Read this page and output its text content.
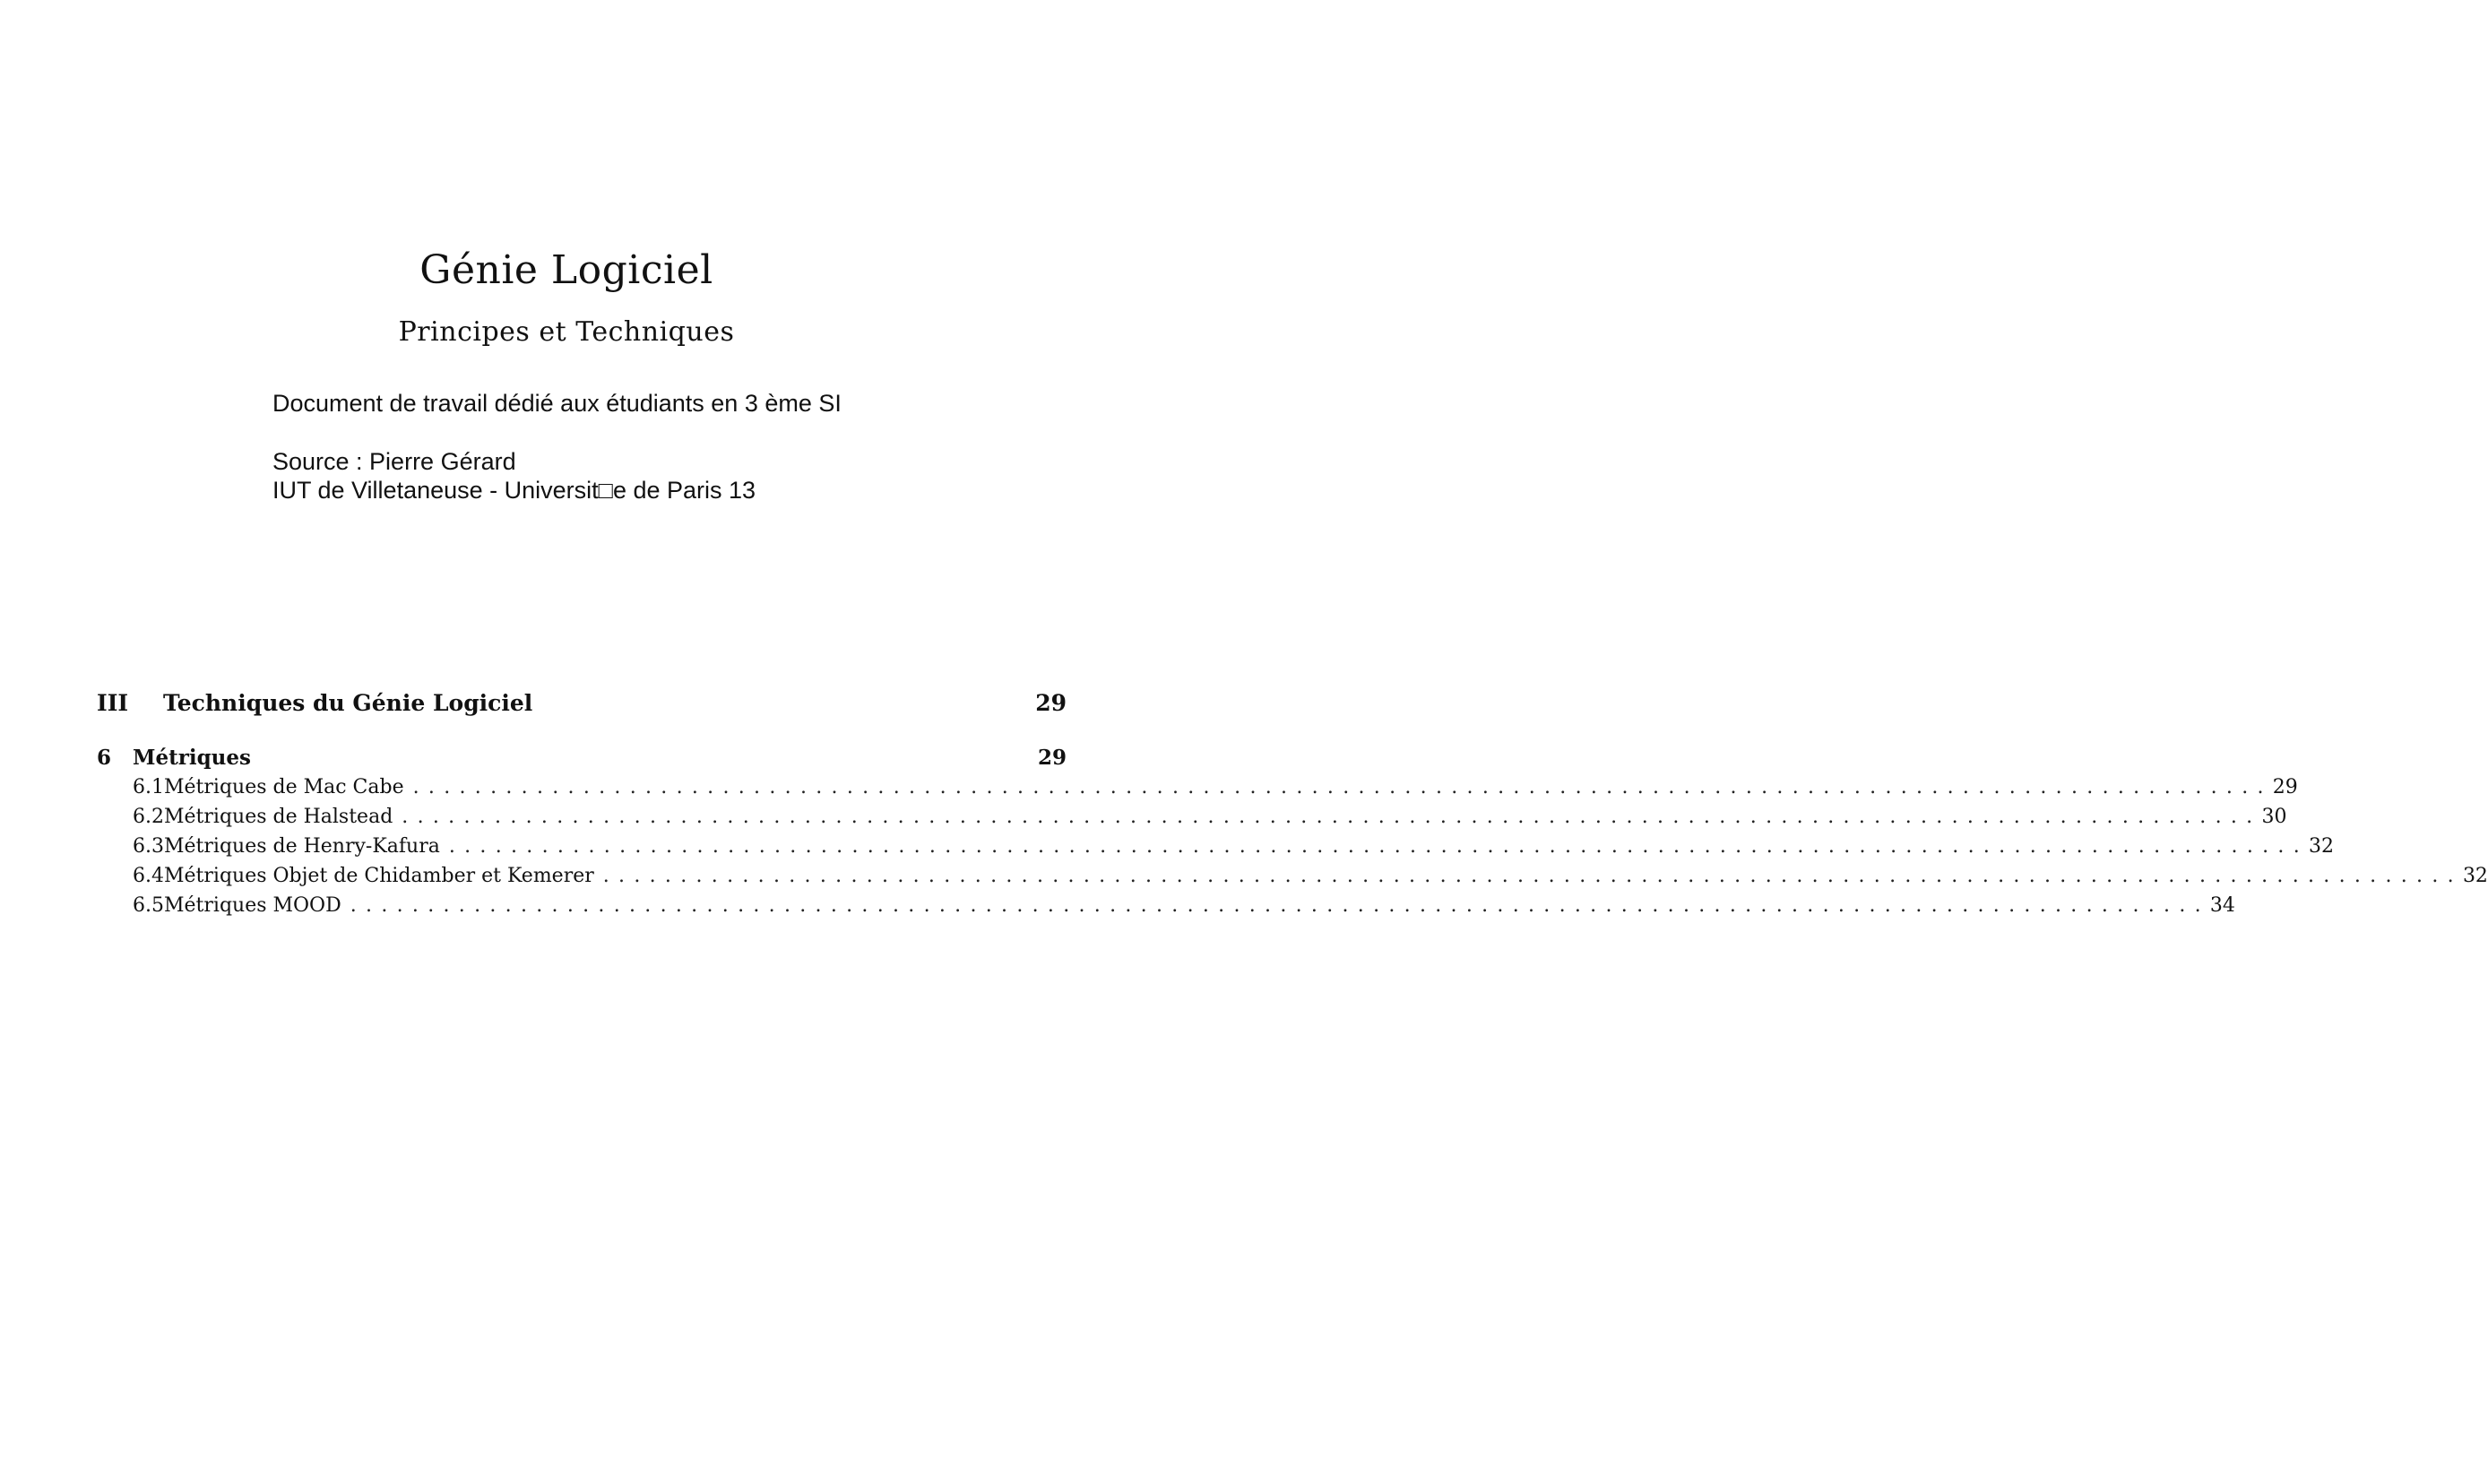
Génie Logiciel
Principes et Techniques
Document de travail dédié aux étudiants en 3 ème SI
Source : Pierre Gérard
IUT de Villetaneuse - Universit□e de Paris 13
III	Techniques du Génie Logiciel	29
6	Métriques	29
6.1 Métriques de Mac Cabe ........................................................................................................................ 29
6.2 Métriques de Halstead ........................................................................................................................ 30
6.3 Métriques de Henry-Kafura ........................................................................................................................ 32
6.4 Métriques Objet de Chidamber et Kemerer ........................................................................................................................ 32
6.5 Métriques MOOD ........................................................................................................................ 34
